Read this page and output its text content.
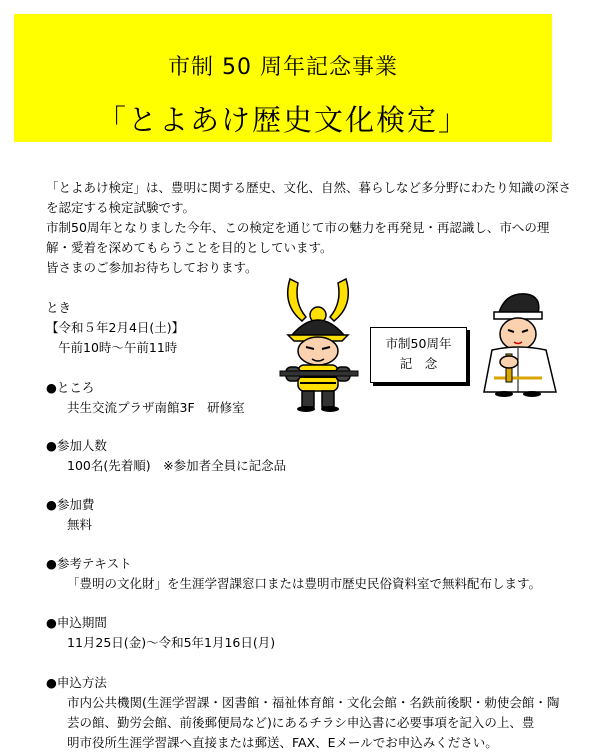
市制 50 周年記念事業
「とよあけ歴史文化検定」

「とよあけ検定」は、豊明に関する歴史、文化、自然、暮らしなど多分野にわたり知識の深さ

を認定する検定試験です。

市制50周年となりました今年、この検定を通じて市の魅力を再発見・再認識し、市への理

解・愛着を深めてもらうことを目的としています。

皆さまのご参加お待ちしております。

とき

【令和５年2月4日(土)】

午前10時～午前11時

●ところ

共生交流プラザ南館3F　研修室

●参加人数

100名(先着順)　※参加者全員に記念品

●参加費

無料

●参考テキスト

「豊明の文化財」を生涯学習課窓口または豊明市歴史民俗資料室で無料配布します。

●申込期間

11月25日(金)～令和5年1月16日(月)

●申込方法

市内公共機関(生涯学習課・図書館・福祉体育館・文化会館・名鉄前後駅・勅使会館・陶

芸の館、勤労会館、前後郵便局など)にあるチラシ申込書に必要事項を記入の上、豊

明市役所生涯学習課へ直接または郵送、FAX、Eメールでお申込みください。

市制50周年
記　念
